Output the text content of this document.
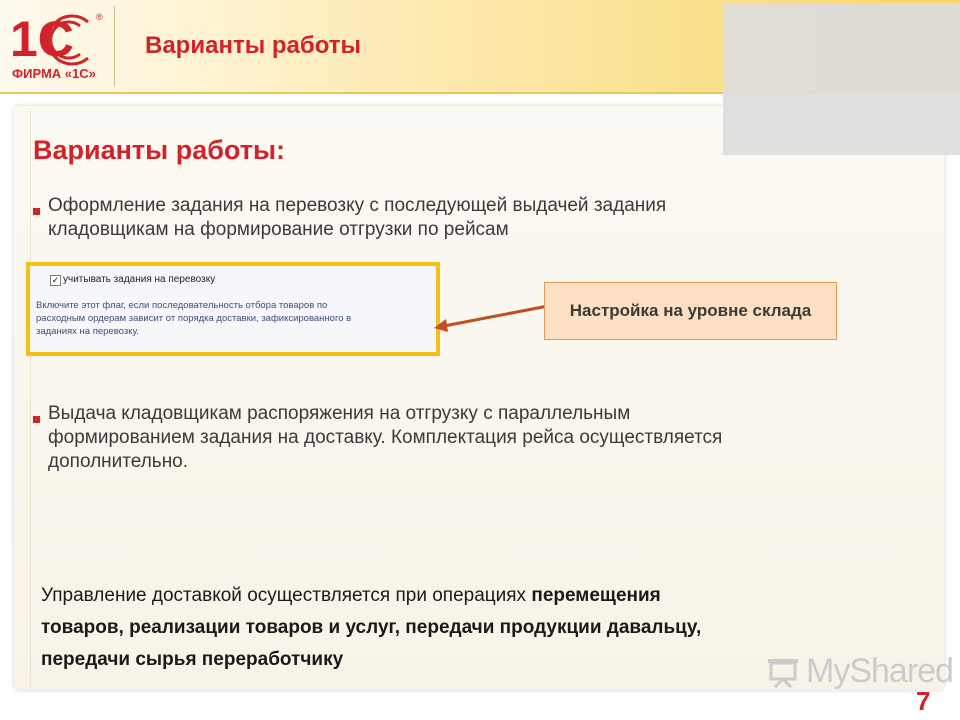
1С ®
ФИРМА «1С»
Варианты работы
Варианты работы:
Оформление задания на перевозку с последующей выдачей задания
кладовщикам на формирование отгрузки по рейсам
✓ учитывать задания на перевозку
Включите этот флаг, если последовательность отбора товаров по
расходным ордерам зависит от порядка доставки, зафиксированного в
заданиях на перевозку.
Настройка на уровне склада
Выдача кладовщикам распоряжения на отгрузку с параллельным
формированием задания на доставку. Комплектация рейса осуществляется
дополнительно.
Управление доставкой осуществляется при операциях перемещения
товаров, реализации товаров и услуг, передачи продукции давальцу,
передачи сырья переработчику	MyShared
7
